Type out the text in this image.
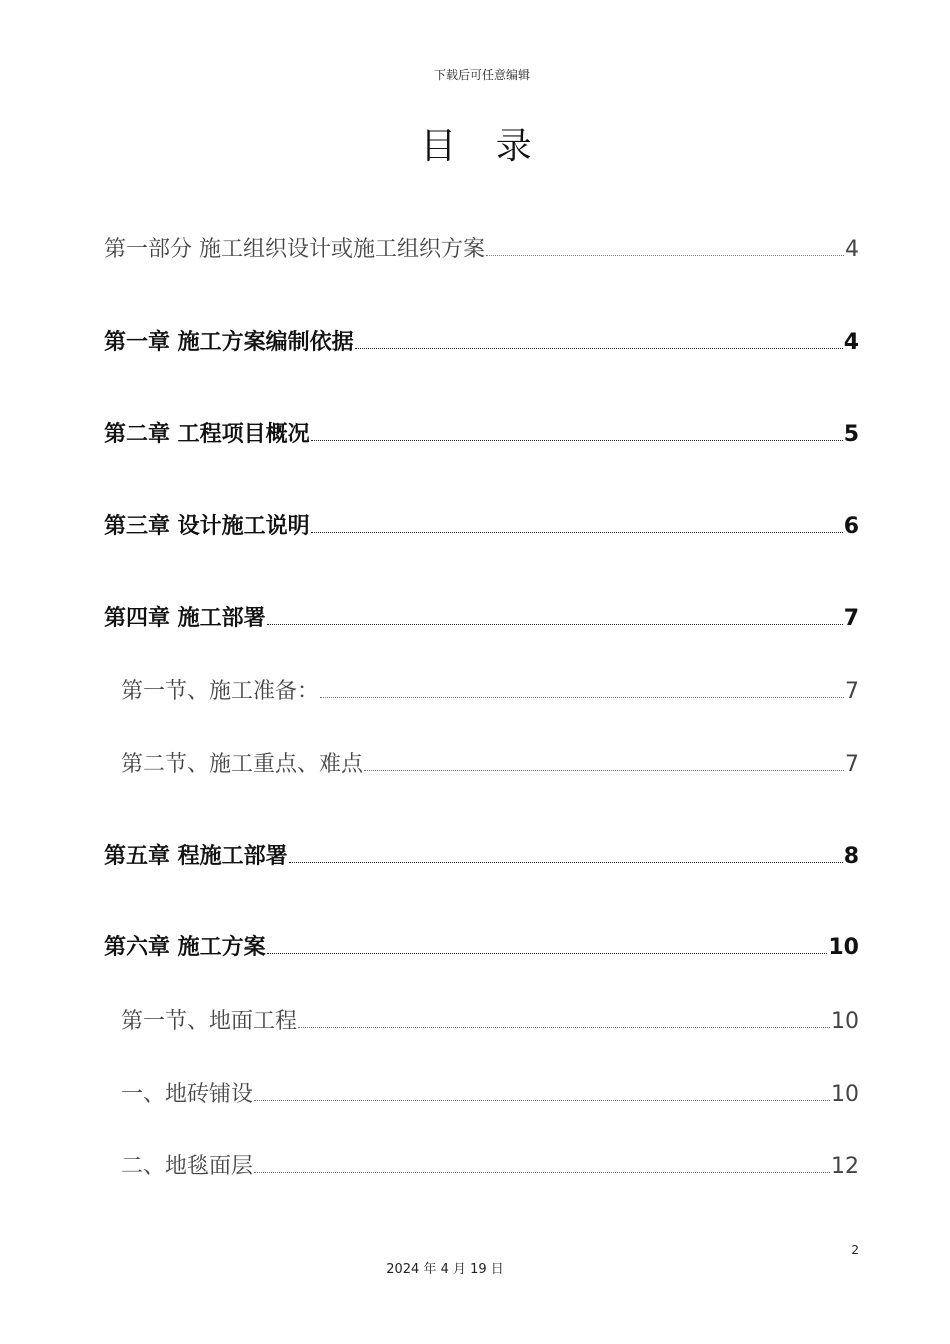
下载后可任意编辑
目 录
第一部分 施工组织设计或施工组织方案	4
第一章 施工方案编制依据	4
第二章 工程项目概况	5
第三章 设计施工说明	6
第四章 施工部署	7
第一节、施工准备：	7
第二节、施工重点、难点	7
第五章 程施工部署	8
第六章 施工方案	10
第一节、地面工程	10
一、地砖铺设	10
二、地毯面层	12
2
2024 年 4 月 19 日
